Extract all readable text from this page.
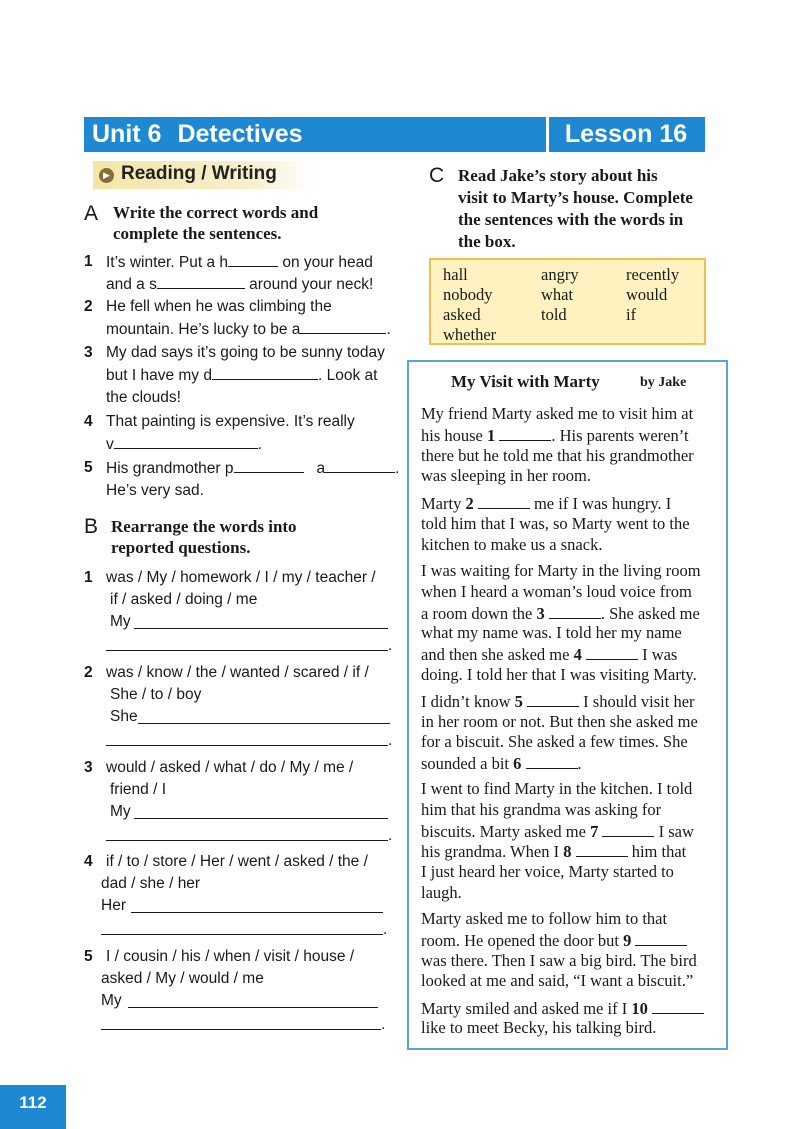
Unit 6 Detectives	Lesson 16
▶ Reading / Writing
A Write the correct words and
complete the sentences.
1 It’s winter. Put a h	on your head
and a s	around your neck!
2 He fell when he was climbing the
mountain. He’s lucky to be a	.
3 My dad says it’s going to be sunny today
but I have my d	. Look at
the clouds!
4 That painting is expensive. It’s really
v	.
5 His grandmother p	a	.
He’s very sad.
B Rearrange the words into
reported questions.
1 was / My / homework / I / my / teacher /
if / asked / doing / me
My
.
2 was / know / the / wanted / scared / if /
She / to / boy
She
.
3 would / asked / what / do / My / me /
friend / I
My
.
4 if / to / store / Her / went / asked / the /
dad / she / her
Her
.
5 I / cousin / his / when / visit / house /
asked / My / would / me
My
.
C Read Jake’s story about his
visit to Marty’s house. Complete
the sentences with the words in
the box.
hall	angry	recently
nobody	what	would
asked	told	if
whether
My Visit with Marty	by Jake
My friend Marty asked me to visit him at
his house 1	. His parents weren’t
there but he told me that his grandmother
was sleeping in her room.
Marty 2	me if I was hungry. I
told him that I was, so Marty went to the
kitchen to make us a snack.
I was waiting for Marty in the living room
when I heard a woman’s loud voice from
a room down the 3	. She asked me
what my name was. I told her my name
and then she asked me 4	I was
doing. I told her that I was visiting Marty.
I didn’t know 5	I should visit her
in her room or not. But then she asked me
for a biscuit. She asked a few times. She
sounded a bit 6	.
I went to find Marty in the kitchen. I told
him that his grandma was asking for
biscuits. Marty asked me 7	I saw
his grandma. When I 8	him that
I just heard her voice, Marty started to
laugh.
Marty asked me to follow him to that
room. He opened the door but 9
was there. Then I saw a big bird. The bird
looked at me and said, “I want a biscuit.”
Marty smiled and asked me if I 10
like to meet Becky, his talking bird.
112
